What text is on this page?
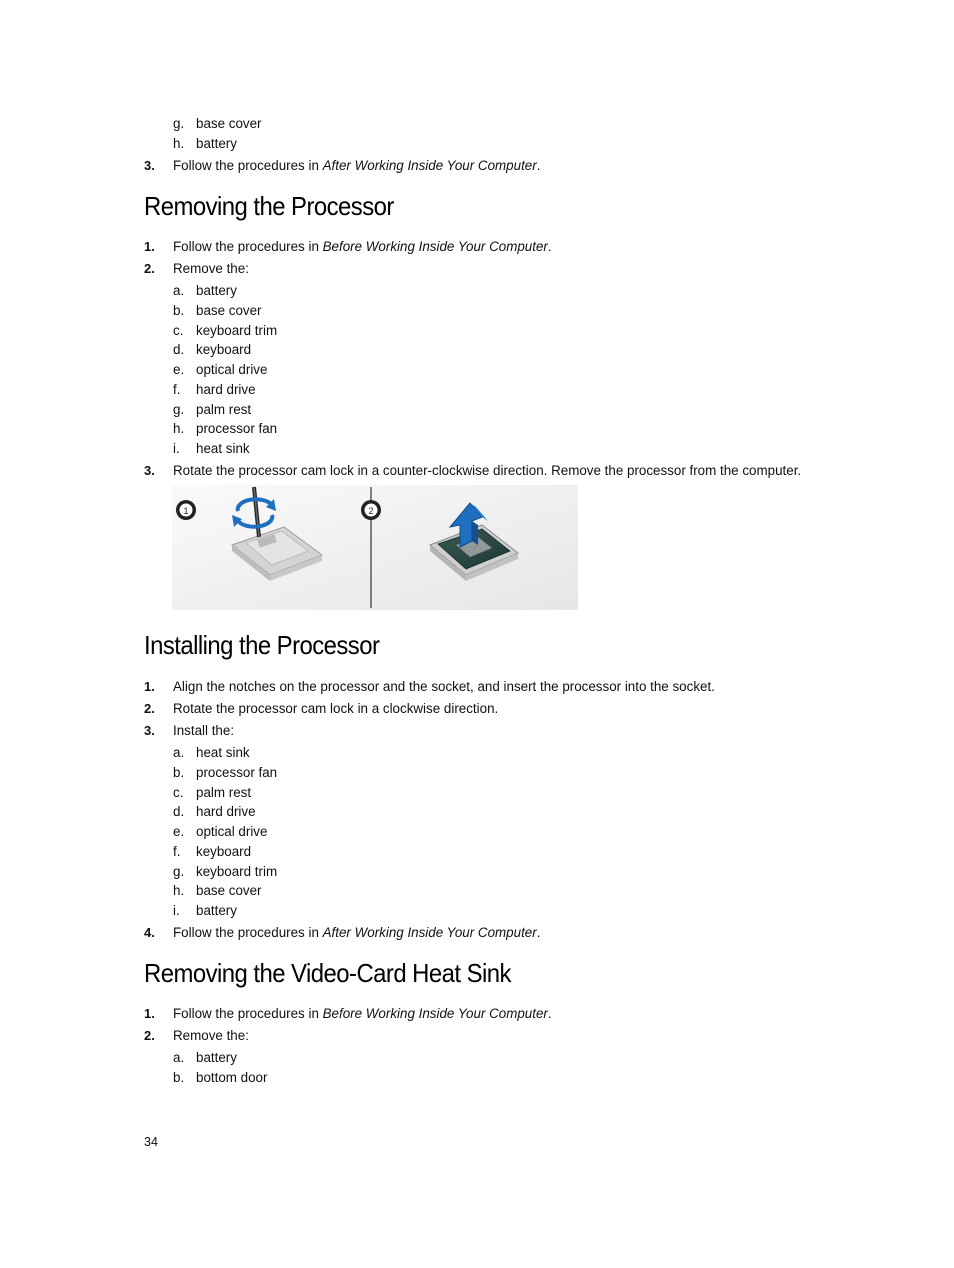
g. base cover
h. battery
3. Follow the procedures in After Working Inside Your Computer.
Removing the Processor
1. Follow the procedures in Before Working Inside Your Computer.
2. Remove the:
a. battery
b. base cover
c. keyboard trim
d. keyboard
e. optical drive
f. hard drive
g. palm rest
h. processor fan
i. heat sink
3. Rotate the processor cam lock in a counter-clockwise direction. Remove the processor from the computer.
1	2
Installing the Processor
1. Align the notches on the processor and the socket, and insert the processor into the socket.
2. Rotate the processor cam lock in a clockwise direction.
3. Install the:
a. heat sink
b. processor fan
c. palm rest
d. hard drive
e. optical drive
f. keyboard
g. keyboard trim
h. base cover
i. battery
4. Follow the procedures in After Working Inside Your Computer.
Removing the Video-Card Heat Sink
1. Follow the procedures in Before Working Inside Your Computer.
2. Remove the:
a. battery
b. bottom door
34
